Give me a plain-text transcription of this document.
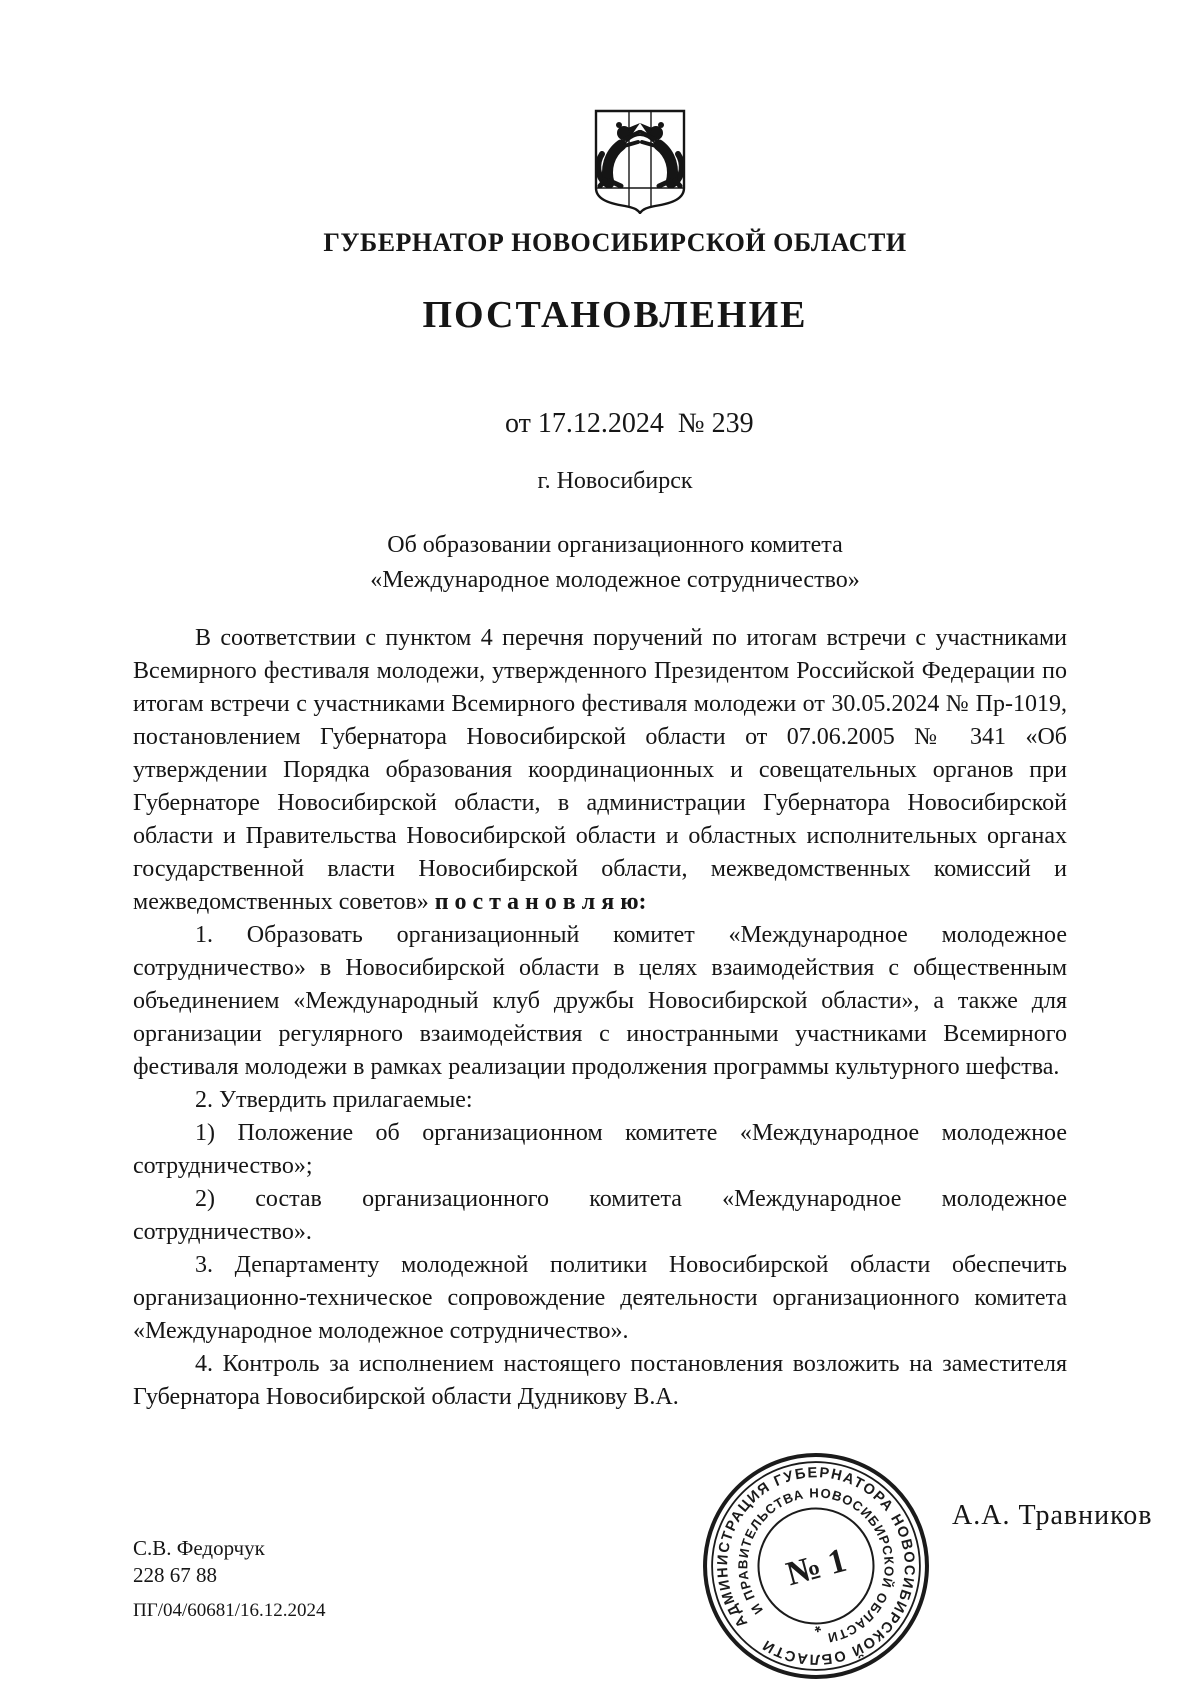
ГУБЕРНАТОР НОВОСИБИРСКОЙ ОБЛАСТИ
ПОСТАНОВЛЕНИЕ
от 17.12.2024  № 239
г. Новосибирск
Об образовании организационного комитета
«Международное молодежное сотрудничество»

В соответствии с пунктом 4 перечня поручений по итогам встречи с участниками Всемирного фестиваля молодежи, утвержденного Президентом Российской Федерации по итогам встречи с участниками Всемирного фестиваля молодежи от 30.05.2024 № Пр-1019, постановлением Губернатора Новосибирской области от 07.06.2005 № 341 «Об утверждении Порядка образования координационных и совещательных органов при Губернаторе Новосибирской области, в администрации Губернатора Новосибирской области и Правительства Новосибирской области и областных исполнительных органах государственной власти Новосибирской области, межведомственных комиссий и межведомственных советов» п о с т а н о в л я ю:

1. Образовать организационный комитет «Международное молодежное сотрудничество» в Новосибирской области в целях взаимодействия с общественным объединением «Международный клуб дружбы Новосибирской области», а также для организации регулярного взаимодействия с иностранными участниками Всемирного фестиваля молодежи в рамках реализации продолжения программы культурного шефства.

2. Утвердить прилагаемые:

1) Положение об организационном комитете «Международное молодежное сотрудничество»;

2) состав организационного комитета «Международное молодежное сотрудничество».

3. Департаменту молодежной политики Новосибирской области обеспечить организационно-техническое сопровождение деятельности организационного комитета «Международное молодежное сотрудничество».

4. Контроль за исполнением настоящего постановления возложить на заместителя Губернатора Новосибирской области Дудникову В.А.

АДМИНИСТРАЦИЯ ГУБЕРНАТОРА НОВОСИБИРСКОЙ ОБЛАСТИ
И ПРАВИТЕЛЬСТВА НОВОСИБИРСКОЙ ОБЛАСТИ
*
№ 1
А.А. Травников
С.В. Федорчук
228 67 88
ПГ/04/60681/16.12.2024
